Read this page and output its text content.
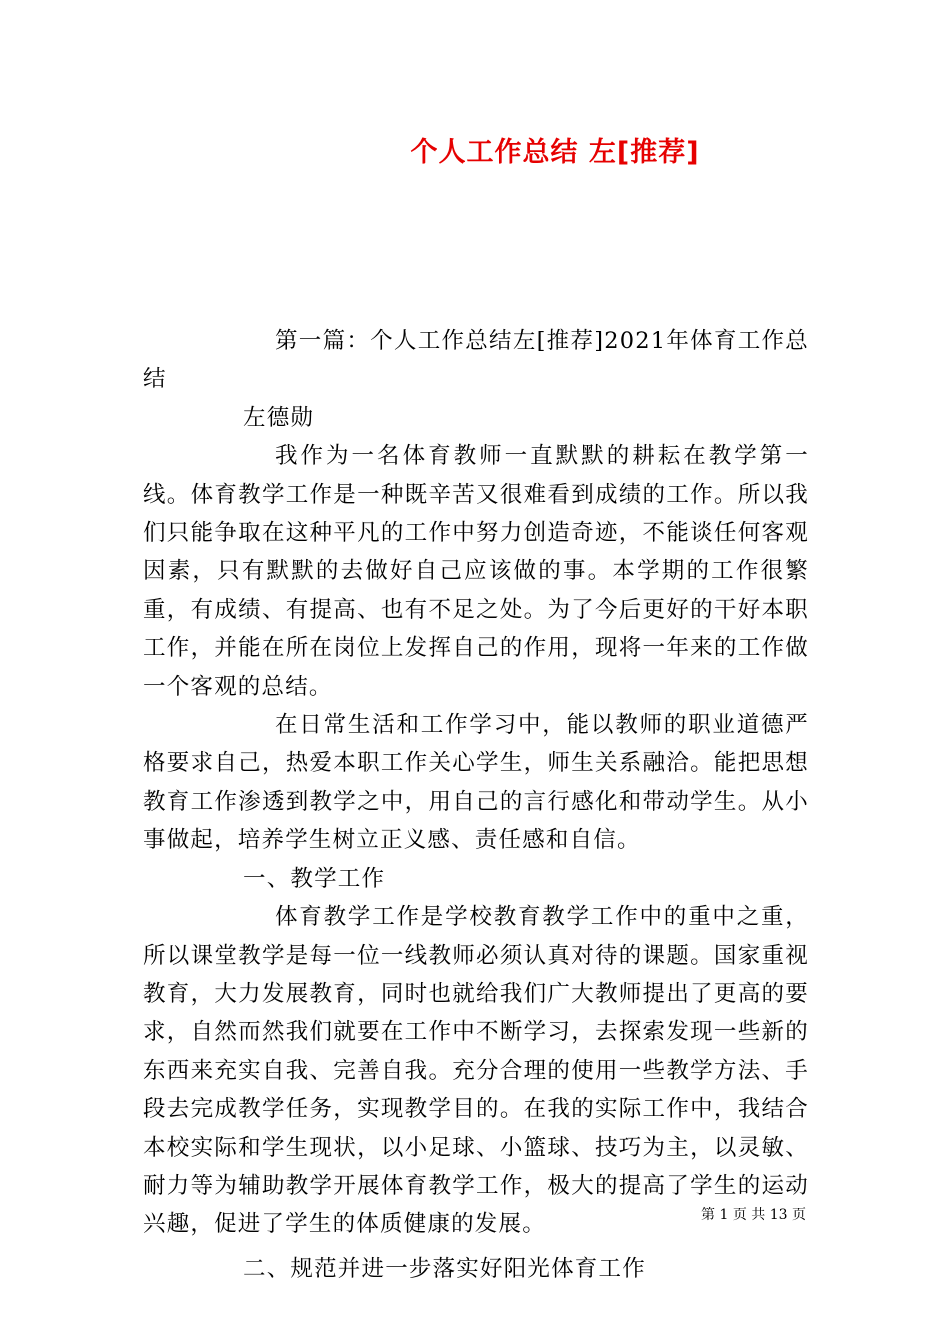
个人工作总结 左[推荐]

第一篇：个人工作总结左[推荐]2021年体育工作总结

左德勋

我作为一名体育教师一直默默的耕耘在教学第一线。体育教学工作是一种既辛苦又很难看到成绩的工作。所以我们只能争取在这种平凡的工作中努力创造奇迹，不能谈任何客观因素，只有默默的去做好自己应该做的事。本学期的工作很繁重，有成绩、有提高、也有不足之处。为了今后更好的干好本职工作，并能在所在岗位上发挥自己的作用，现将一年来的工作做一个客观的总结。

在日常生活和工作学习中，能以教师的职业道德严格要求自己，热爱本职工作关心学生，师生关系融洽。能把思想教育工作渗透到教学之中，用自己的言行感化和带动学生。从小事做起，培养学生树立正义感、责任感和自信。

一、教学工作

体育教学工作是学校教育教学工作中的重中之重，所以课堂教学是每一位一线教师必须认真对待的课题。国家重视教育，大力发展教育，同时也就给我们广大教师提出了更高的要求，自然而然我们就要在工作中不断学习，去探索发现一些新的东西来充实自我、完善自我。充分合理的使用一些教学方法、手段去完成教学任务，实现教学目的。在我的实际工作中，我结合本校实际和学生现状，以小足球、小篮球、技巧为主，以灵敏、耐力等为辅助教学开展体育教学工作，极大的提高了学生的运动兴趣，促进了学生的体质健康的发展。

二、规范并进一步落实好阳光体育工作

第 1 页 共 13 页
